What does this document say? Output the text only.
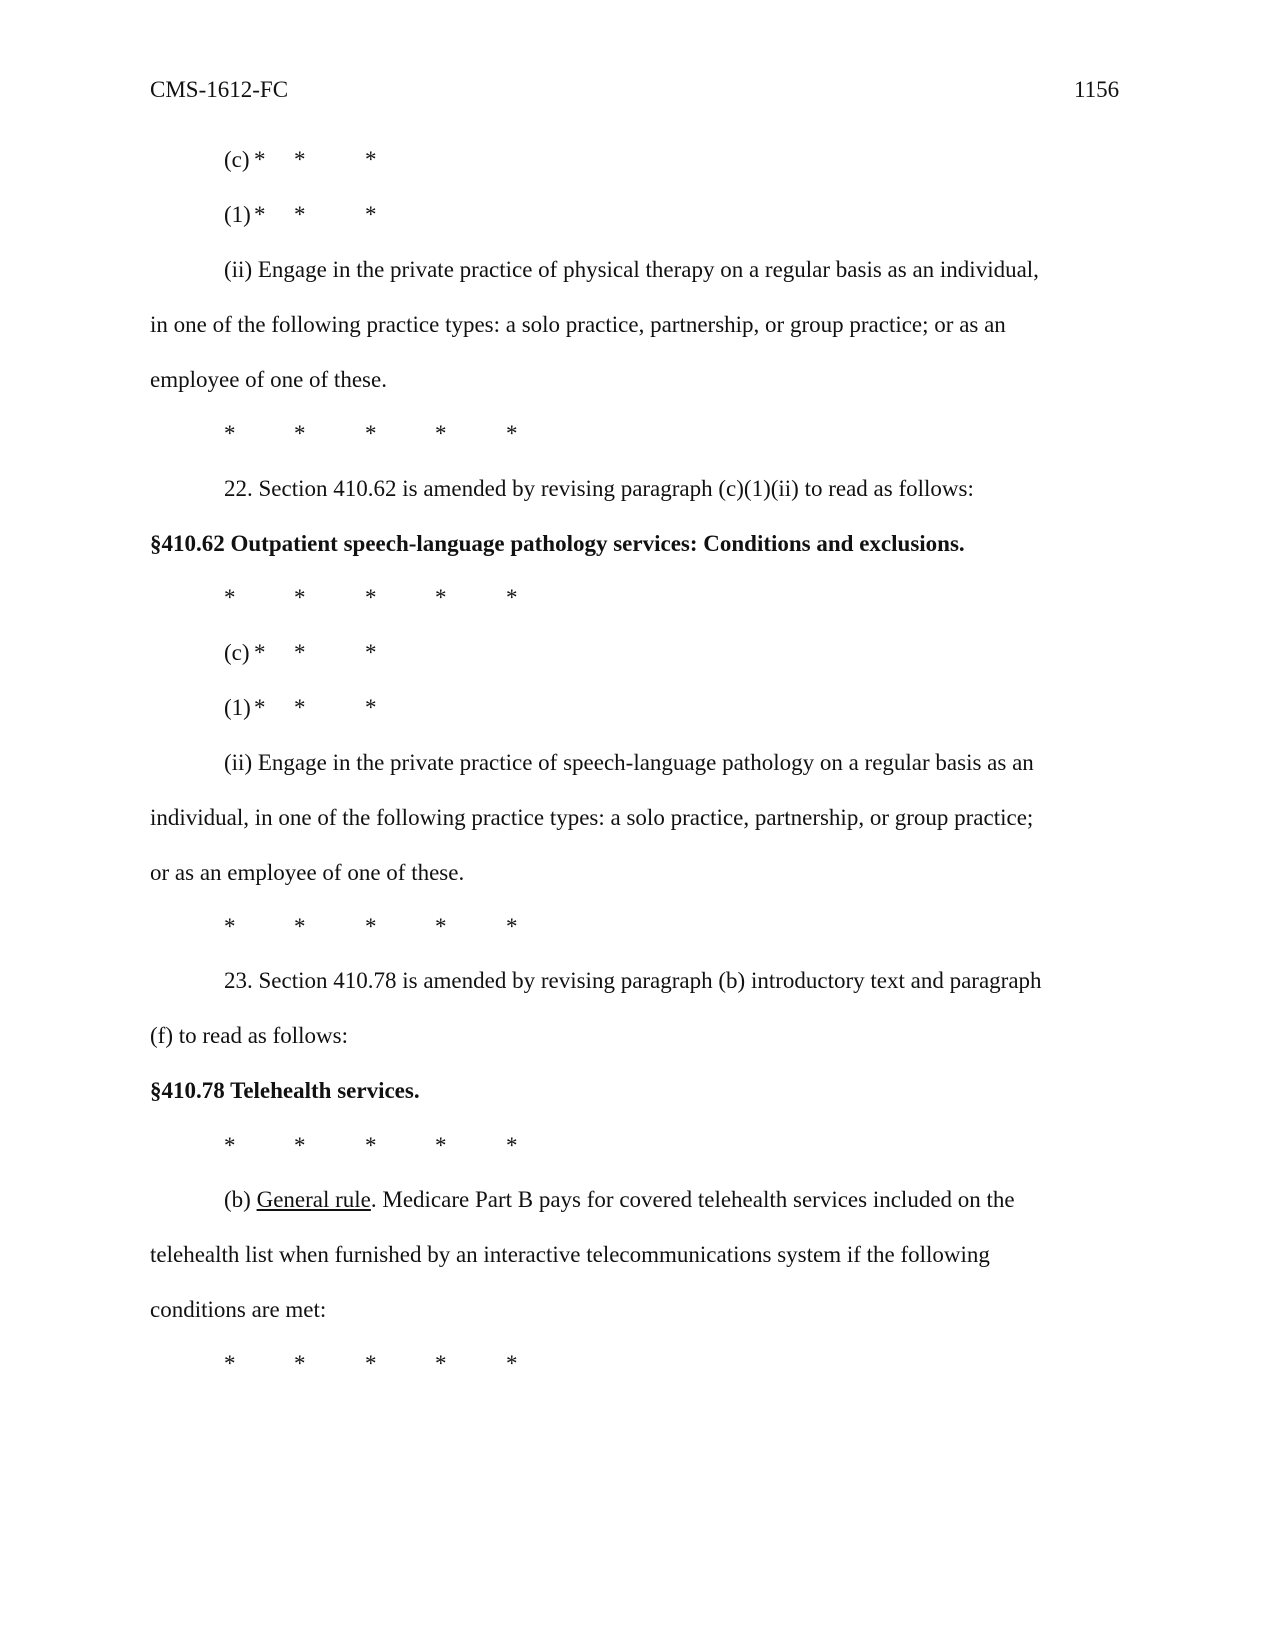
CMS-1612-FC	1156
(c) * *	*
(1) * *	*
(ii) Engage in the private practice of physical therapy on a regular basis as an individual,
in one of the following practice types: a solo practice, partnership, or group practice; or as an
employee of one of these.
*	*	*	*	*
22. Section 410.62 is amended by revising paragraph (c)(1)(ii) to read as follows:
§410.62 Outpatient speech-language pathology services: Conditions and exclusions.
*	*	*	*	*
(c) * *	*
(1) * *	*
(ii) Engage in the private practice of speech-language pathology on a regular basis as an
individual, in one of the following practice types: a solo practice, partnership, or group practice;
or as an employee of one of these.
*	*	*	*	*
23. Section 410.78 is amended by revising paragraph (b) introductory text and paragraph
(f) to read as follows:
§410.78 Telehealth services.
*	*	*	*	*
(b) General rule. Medicare Part B pays for covered telehealth services included on the
telehealth list when furnished by an interactive telecommunications system if the following
conditions are met:
*	*	*	*	*
